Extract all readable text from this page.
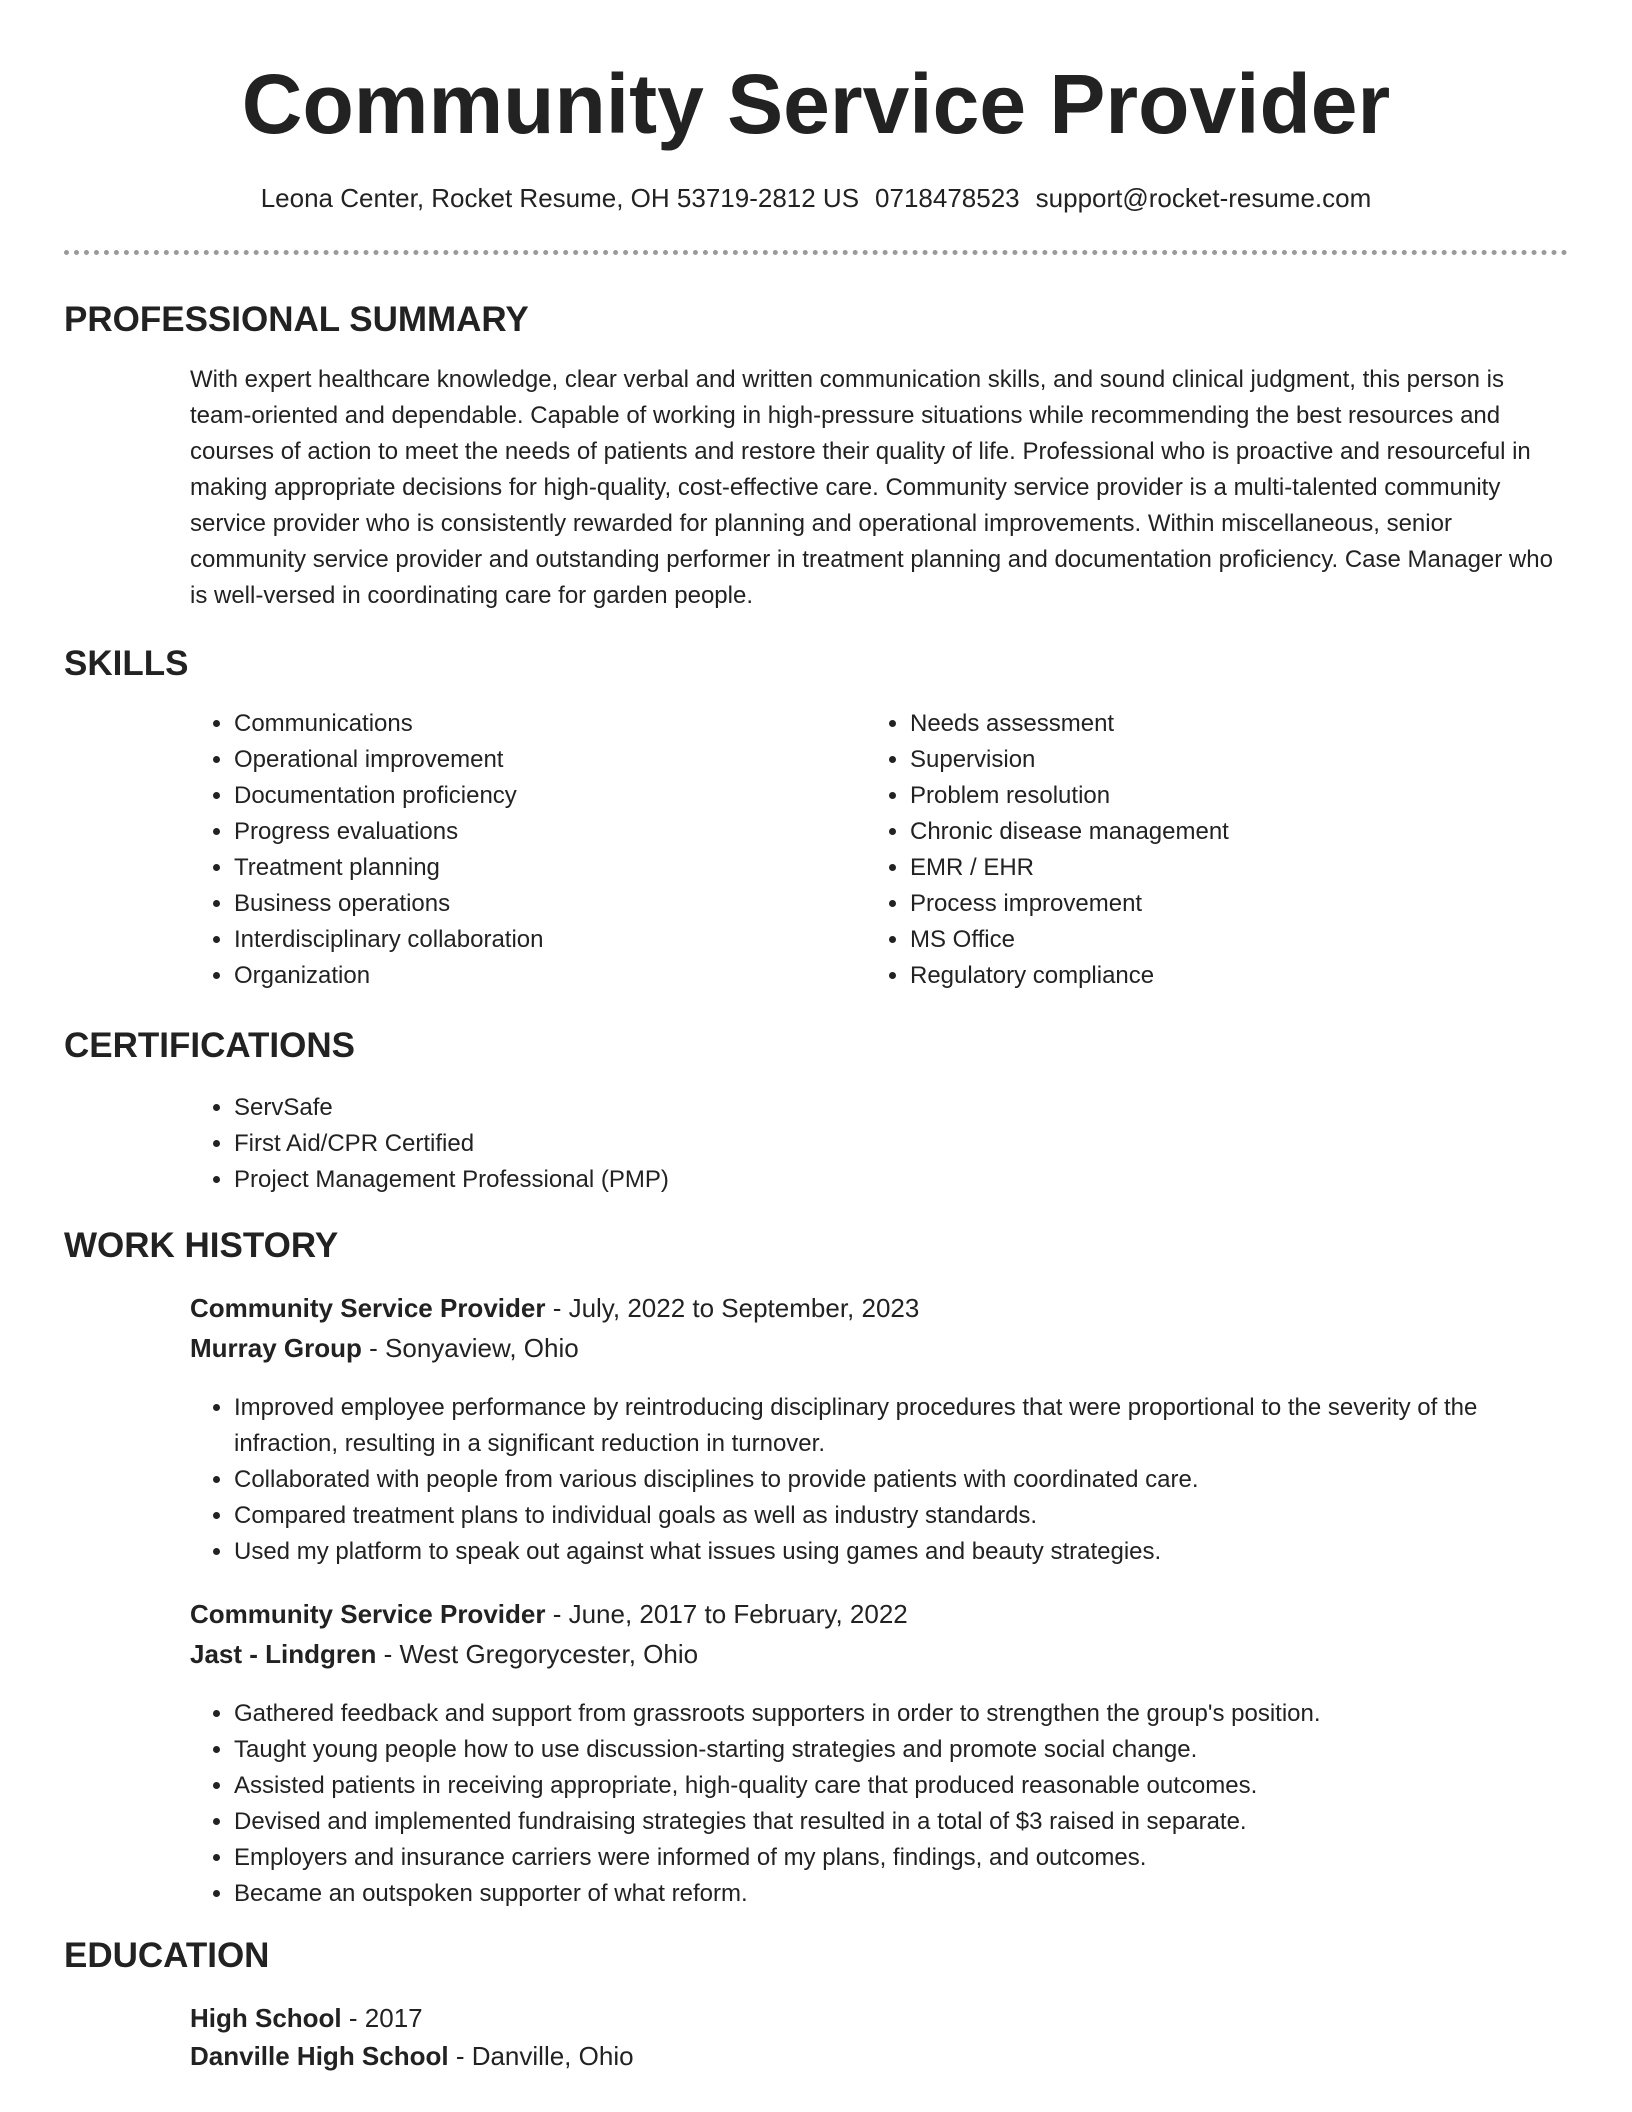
Community Service Provider
Leona Center, Rocket Resume, OH 53719-2812 US 0718478523 support@rocket-resume.com
PROFESSIONAL SUMMARY

With expert healthcare knowledge, clear verbal and written communication skills, and sound clinical judgment, this person is team-oriented and dependable. Capable of working in high-pressure situations while recommending the best resources and courses of action to meet the needs of patients and restore their quality of life. Professional who is proactive and resourceful in making appropriate decisions for high-quality, cost-effective care. Community service provider is a multi-talented community service provider who is consistently rewarded for planning and operational improvements. Within miscellaneous, senior community service provider and outstanding performer in treatment planning and documentation proficiency. Case Manager who is well-versed in coordinating care for garden people.

SKILLS
• Communications
• Operational improvement
• Documentation proficiency
• Progress evaluations
• Treatment planning
• Business operations
• Interdisciplinary collaboration
• Organization
• Needs assessment
• Supervision
• Problem resolution
• Chronic disease management
• EMR / EHR
• Process improvement
• MS Office
• Regulatory compliance
CERTIFICATIONS
• ServSafe
• First Aid/CPR Certified
• Project Management Professional (PMP)
WORK HISTORY
Community Service Provider - July, 2022 to September, 2023
Murray Group - Sonyaview, Ohio
• Improved employee performance by reintroducing disciplinary procedures that were proportional to the severity of the infraction, resulting in a significant reduction in turnover.
• Collaborated with people from various disciplines to provide patients with coordinated care.
• Compared treatment plans to individual goals as well as industry standards.
• Used my platform to speak out against what issues using games and beauty strategies.
Community Service Provider - June, 2017 to February, 2022
Jast - Lindgren - West Gregorycester, Ohio
• Gathered feedback and support from grassroots supporters in order to strengthen the group's position.
• Taught young people how to use discussion-starting strategies and promote social change.
• Assisted patients in receiving appropriate, high-quality care that produced reasonable outcomes.
• Devised and implemented fundraising strategies that resulted in a total of $3 raised in separate.
• Employers and insurance carriers were informed of my plans, findings, and outcomes.
• Became an outspoken supporter of what reform.
EDUCATION
High School - 2017
Danville High School - Danville, Ohio
